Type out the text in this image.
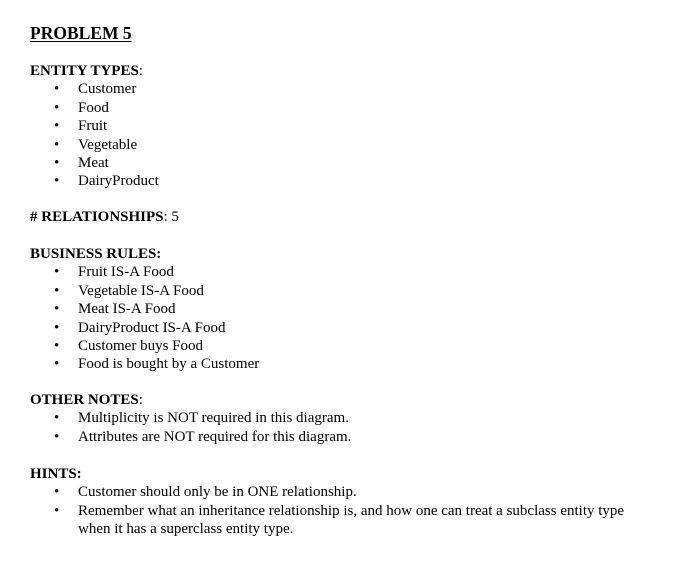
PROBLEM 5

ENTITY TYPES:

• Customer
• Food
• Fruit
• Vegetable
• Meat
• DairyProduct

# RELATIONSHIPS: 5

BUSINESS RULES:

• Fruit IS-A Food
• Vegetable IS-A Food
• Meat IS-A Food
• DairyProduct IS-A Food
• Customer buys Food
• Food is bought by a Customer

OTHER NOTES:

• Multiplicity is NOT required in this diagram.
• Attributes are NOT required for this diagram.

HINTS:

• Customer should only be in ONE relationship.
• Remember what an inheritance relationship is, and how one can treat a subclass entity type when it has a superclass entity type.
